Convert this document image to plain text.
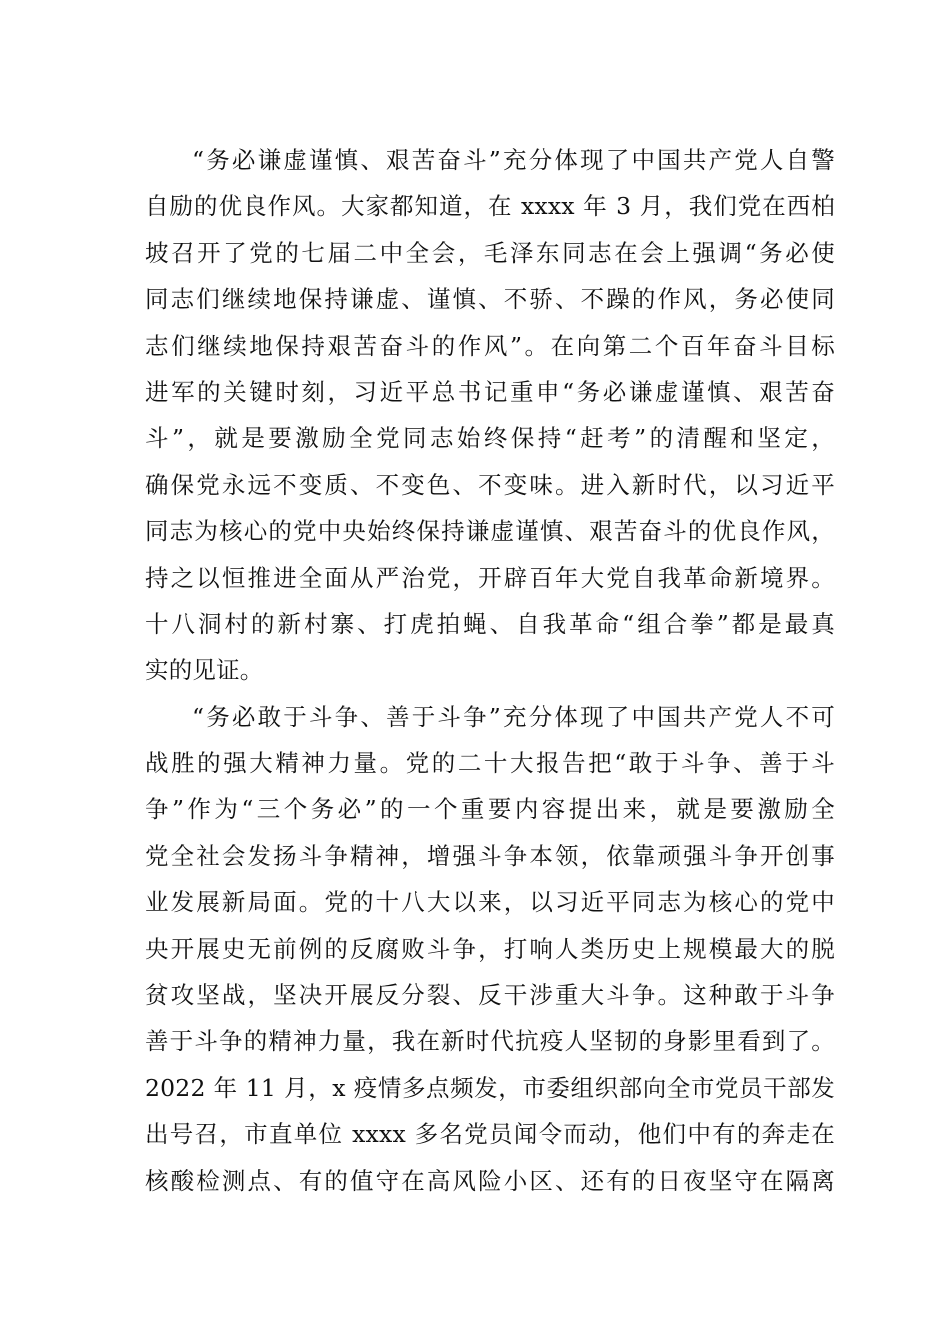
“务必谦虚谨慎、艰苦奋斗”充分体现了中国共产党人自警
自励的优良作风。大家都知道，在 xxxx 年 3 月，我们党在西柏
坡召开了党的七届二中全会，毛泽东同志在会上强调“务必使
同志们继续地保持谦虚、谨慎、不骄、不躁的作风，务必使同
志们继续地保持艰苦奋斗的作风”。在向第二个百年奋斗目标
进军的关键时刻，习近平总书记重申“务必谦虚谨慎、艰苦奋
斗”，就是要激励全党同志始终保持“赶考”的清醒和坚定，
确保党永远不变质、不变色、不变味。进入新时代，以习近平
同志为核心的党中央始终保持谦虚谨慎、艰苦奋斗的优良作风，
持之以恒推进全面从严治党，开辟百年大党自我革命新境界。
十八洞村的新村寨、打虎拍蝇、自我革命“组合拳”都是最真
实的见证。
“务必敢于斗争、善于斗争”充分体现了中国共产党人不可
战胜的强大精神力量。党的二十大报告把“敢于斗争、善于斗
争”作为“三个务必”的一个重要内容提出来，就是要激励全
党全社会发扬斗争精神，增强斗争本领，依靠顽强斗争开创事
业发展新局面。党的十八大以来，以习近平同志为核心的党中
央开展史无前例的反腐败斗争，打响人类历史上规模最大的脱
贫攻坚战，坚决开展反分裂、反干涉重大斗争。这种敢于斗争
善于斗争的精神力量，我在新时代抗疫人坚韧的身影里看到了。
2022 年 11 月，x 疫情多点频发，市委组织部向全市党员干部发
出号召，市直单位 xxxx 多名党员闻令而动，他们中有的奔走在
核酸检测点、有的值守在高风险小区、还有的日夜坚守在隔离
